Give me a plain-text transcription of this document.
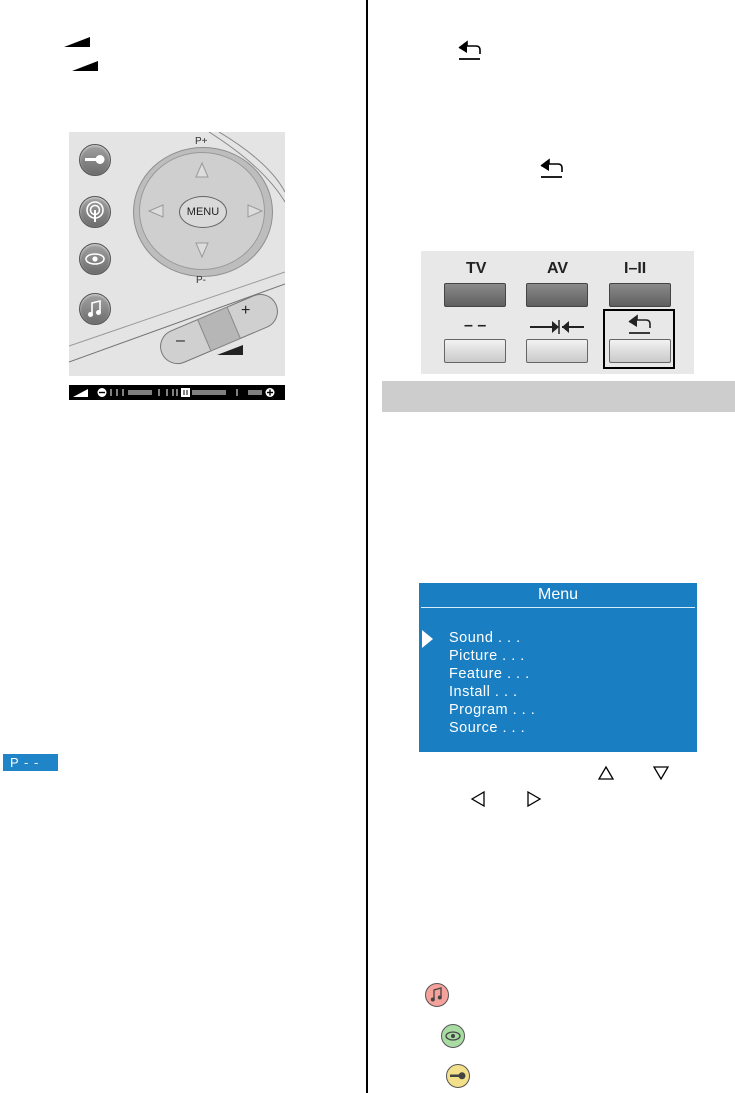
P+
MENU
P-
–
+
P - -
TV	AV	I–II
– –
Menu
Sound . . .
Picture . . .
Feature . . .
Install . . .
Program . . .
Source . . .
